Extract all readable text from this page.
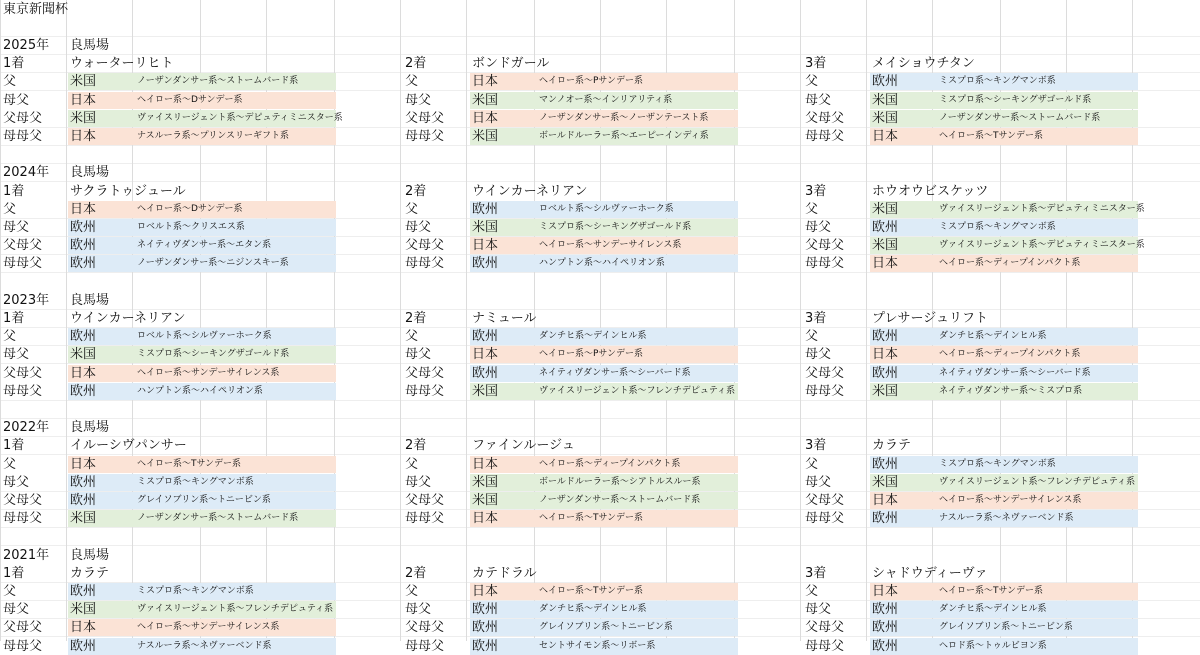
東京新聞杯
2025年 良馬場
1着	ウォーターリヒト
父	米国	ノーザンダンサー系～ストームバード系
母父	日本	ヘイロー系～Dサンデー系
父母父 米国	ヴァイスリージェント系～デピュティミニスター系
母母父 日本	ナスルーラ系～プリンスリーギフト系
2着	ボンドガール
父	日本	ヘイロー系～Pサンデー系
母父	米国	マンノオー系～インリアリティ系
父母父 日本	ノーザンダンサー系～ノーザンテースト系
母母父 米国	ボールドルーラー系～エーピーインディ系
3着	メイショウチタン
父	欧州	ミスプロ系～キングマンボ系
母父	米国	ミスプロ系～シーキングザゴールド系
父母父 米国	ノーザンダンサー系～ストームバード系
母母父 日本	ヘイロー系～Tサンデー系
2024年 良馬場
1着	サクラトゥジュール
父	日本	ヘイロー系～Dサンデー系
母父	欧州	ロベルト系～クリスエス系
父母父 欧州	ネイティヴダンサー系～エタン系
母母父 欧州	ノーザンダンサー系～ニジンスキー系
2着	ウインカーネリアン
父	欧州	ロベルト系～シルヴァーホーク系
母父	米国	ミスプロ系～シーキングザゴールド系
父母父 日本	ヘイロー系～サンデーサイレンス系
母母父 欧州	ハンプトン系～ハイペリオン系
3着	ホウオウビスケッツ
父	米国	ヴァイスリージェント系～デピュティミニスター系
母父	欧州	ミスプロ系～キングマンボ系
父母父 米国	ヴァイスリージェント系～デピュティミニスター系
母母父 日本	ヘイロー系～ディープインパクト系
2023年 良馬場
1着	ウインカーネリアン
父	欧州	ロベルト系～シルヴァーホーク系
母父	米国	ミスプロ系～シーキングザゴールド系
父母父 日本	ヘイロー系～サンデーサイレンス系
母母父 欧州	ハンプトン系～ハイペリオン系
2着	ナミュール
父	欧州	ダンチヒ系～デインヒル系
母父	日本	ヘイロー系～Pサンデー系
父母父 欧州	ネイティヴダンサー系～シーバード系
母母父 米国	ヴァイスリージェント系～フレンチデピュティ系
3着	プレサージュリフト
父	欧州	ダンチヒ系～デインヒル系
母父	日本	ヘイロー系～ディープインパクト系
父母父 欧州	ネイティヴダンサー系～シーバード系
母母父 米国	ネイティヴダンサー系～ミスプロ系
2022年 良馬場
1着	イルーシヴパンサー
父	日本	ヘイロー系～Tサンデー系
母父	欧州	ミスプロ系～キングマンボ系
父母父 欧州	グレイソブリン系～トニービン系
母母父 米国	ノーザンダンサー系～ストームバード系
2着	ファインルージュ
父	日本	ヘイロー系～ディープインパクト系
母父	米国	ボールドルーラー系～シアトルスルー系
父母父 米国	ノーザンダンサー系～ストームバード系
母母父 日本	ヘイロー系～Tサンデー系
3着	カラテ
父	欧州	ミスプロ系～キングマンボ系
母父	米国	ヴァイスリージェント系～フレンチデピュティ系
父母父 日本	ヘイロー系～サンデーサイレンス系
母母父 欧州	ナスルーラ系～ネヴァーベンド系
2021年 良馬場
1着	カラテ
父	欧州	ミスプロ系～キングマンボ系
母父	米国	ヴァイスリージェント系～フレンチデピュティ系
父母父 日本	ヘイロー系～サンデーサイレンス系
母母父 欧州	ナスルーラ系～ネヴァーベンド系
2着	カテドラル
父	日本	ヘイロー系～Tサンデー系
母父	欧州	ダンチヒ系～デインヒル系
父母父 欧州	グレイソブリン系～トニービン系
母母父 欧州	セントサイモン系～リボー系
3着	シャドウディーヴァ
父	日本	ヘイロー系～Tサンデー系
母父	欧州	ダンチヒ系～デインヒル系
父母父 欧州	グレイソブリン系～トニービン系
母母父 欧州	ヘロド系～トゥルビヨン系
